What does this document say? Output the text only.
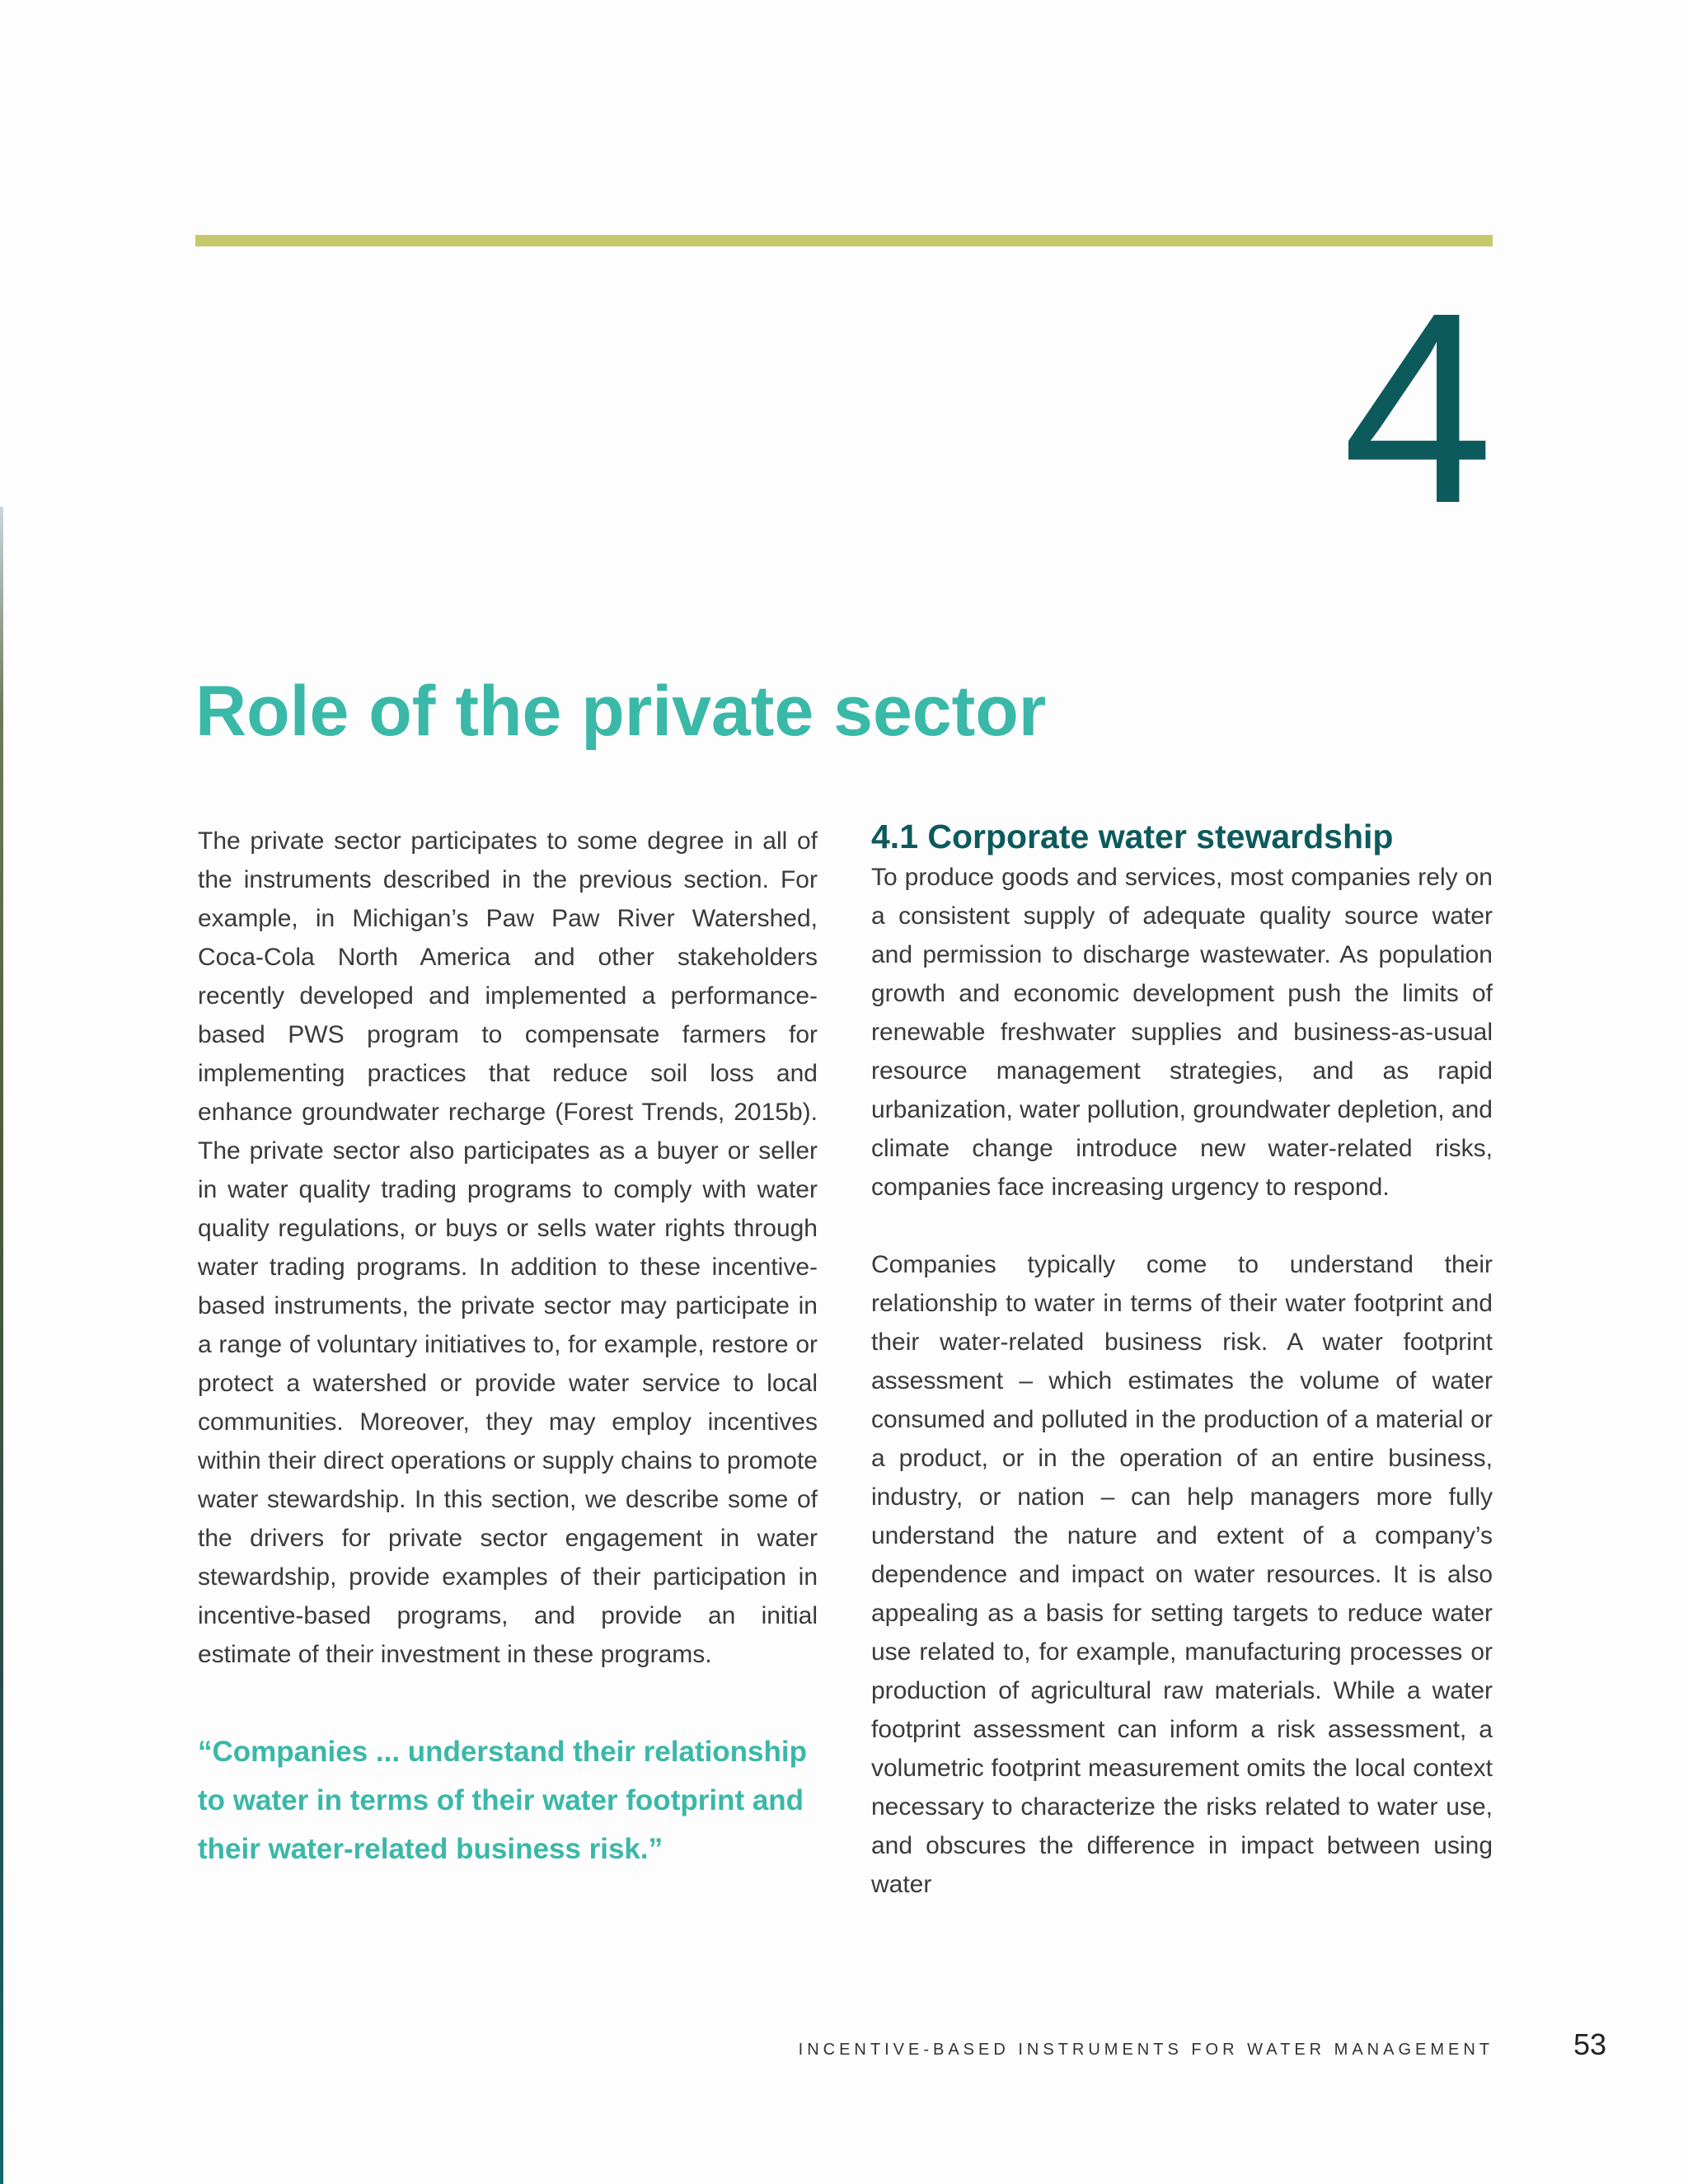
4
Role of the private sector

The private sector participates to some degree in all of the instruments described in the previous section. For example, in Michigan’s Paw Paw River Watershed, Coca-Cola North America and other stakeholders recently developed and implemented a performance-based PWS program to compensate farmers for implementing practices that reduce soil loss and enhance groundwater recharge (Forest Trends, 2015b). The private sector also participates as a buyer or seller in water quality trading programs to comply with water quality regulations, or buys or sells water rights through water trading programs. In addition to these incentive-based instruments, the private sector may participate in a range of voluntary initiatives to, for example, restore or protect a watershed or provide water service to local communities. Moreover, they may employ incentives within their direct operations or supply chains to promote water stewardship. In this section, we describe some of the drivers for private sector engagement in water stewardship, provide examples of their participation in incentive-based programs, and provide an initial estimate of their investment in these programs.

“Companies ... understand their relationship to water in terms of their water footprint and their water-related business risk.”
4.1 Corporate water stewardship

To produce goods and services, most companies rely on a consistent supply of adequate quality source water and permission to discharge wastewater. As population growth and economic development push the limits of renewable freshwater supplies and business-as-usual resource management strategies, and as rapid urbanization, water pollution, groundwater depletion, and climate change introduce new water-related risks, companies face increasing urgency to respond.

Companies typically come to understand their relationship to water in terms of their water footprint and their water-related business risk. A water footprint assessment – which estimates the volume of water consumed and polluted in the production of a material or a product, or in the operation of an entire business, industry, or nation – can help managers more fully understand the nature and extent of a company’s dependence and impact on water resources. It is also appealing as a basis for setting targets to reduce water use related to, for example, manufacturing processes or production of agricultural raw materials. While a water footprint assessment can inform a risk assessment, a volumetric footprint measurement omits the local context necessary to characterize the risks related to water use, and obscures the difference in impact between using water

INCENTIVE-BASED INSTRUMENTS FOR WATER MANAGEMENT	53
